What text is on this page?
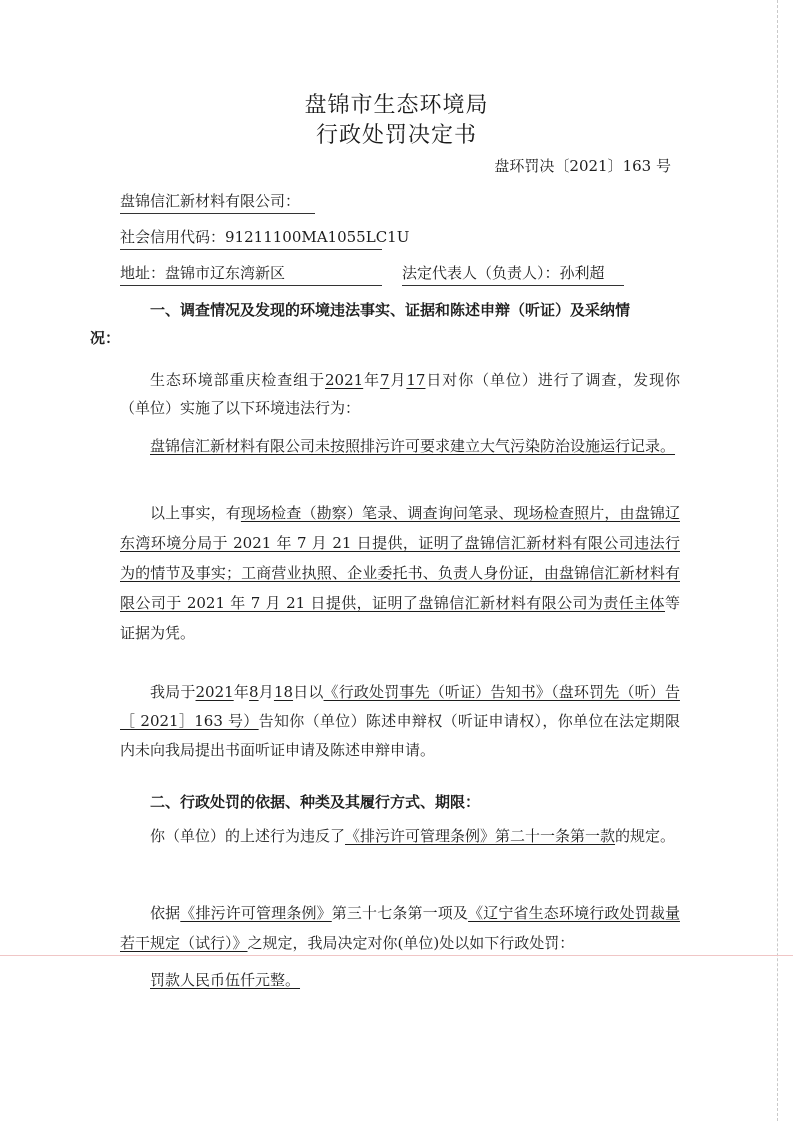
盘锦市生态环境局
行政处罚决定书
盘环罚决〔2021〕163 号
盘锦信汇新材料有限公司：
社会信用代码：91211100MA1055LC1U
地址：盘锦市辽东湾新区	法定代表人（负责人）：孙利超
一、调查情况及发现的环境违法事实、证据和陈述申辩（听证）及采纳情
况：
生态环境部重庆检查组于2021年7月17日对你（单位）进行了调查，发现你（单位）实施了以下环境违法行为：
盘锦信汇新材料有限公司未按照排污许可要求建立大气污染防治设施运行记录。
以上事实，有现场检查（勘察）笔录、调查询问笔录、现场检查照片，由盘锦辽东湾环境分局于 2021 年 7 月 21 日提供，证明了盘锦信汇新材料有限公司违法行为的情节及事实；工商营业执照、企业委托书、负责人身份证，由盘锦信汇新材料有限公司于 2021 年 7 月 21 日提供，证明了盘锦信汇新材料有限公司为责任主体等证据为凭。
我局于2021年8月18日以《行政处罚事先（听证）告知书》（盘环罚先（听）告［ 2021］163 号）告知你（单位）陈述申辩权（听证申请权），你单位在法定期限内未向我局提出书面听证申请及陈述申辩申请。
二、行政处罚的依据、种类及其履行方式、期限：
你（单位）的上述行为违反了《排污许可管理条例》第二十一条第一款的规定。
依据《排污许可管理条例》第三十七条第一项及《辽宁省生态环境行政处罚裁量若干规定（试行）》之规定，我局决定对你(单位)处以如下行政处罚：
罚款人民币伍仟元整。
